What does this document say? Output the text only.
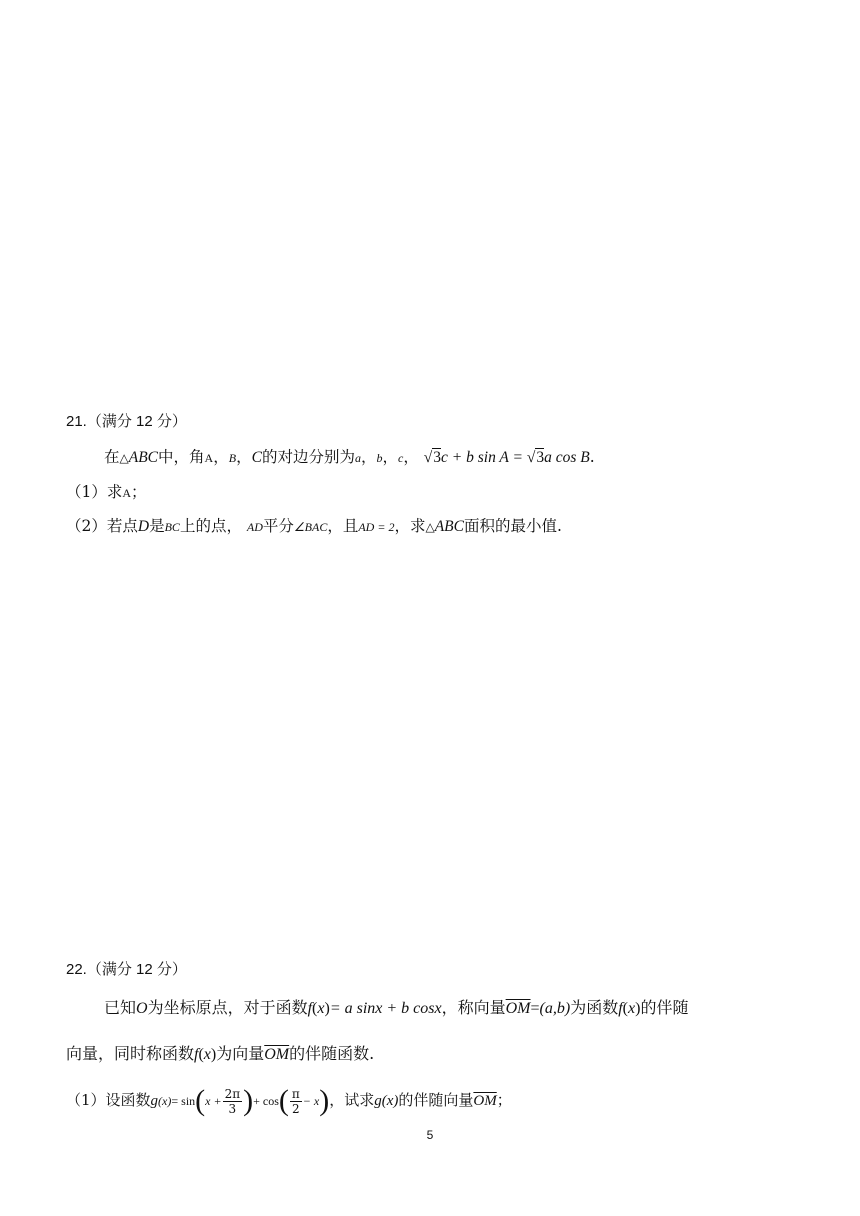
21.（满分 12 分）
在△ABC中，角A，B，C的对边分别为a，b，c， √3c + b sin A = √3a cos B.
（1）求A；
（2）若点D是BC上的点， AD平分∠BAC，且AD = 2，求△ABC面积的最小值.
22.（满分 12 分）
已知O为坐标原点，对于函数f(x)= a sinx + b cosx，称向量$\overline{OM}=(a,b)$为函数f(x)的伴随
向量，同时称函数f(x)为向量$\overline{OM}$的伴随函数.
（1）设函数$g(x)= \sin(x + \frac{2\pi}{3}$ )+ $\cos( \frac{\pi}{2} - x)$，试求g(x)的伴随向量$\overline{OM}$；
5
